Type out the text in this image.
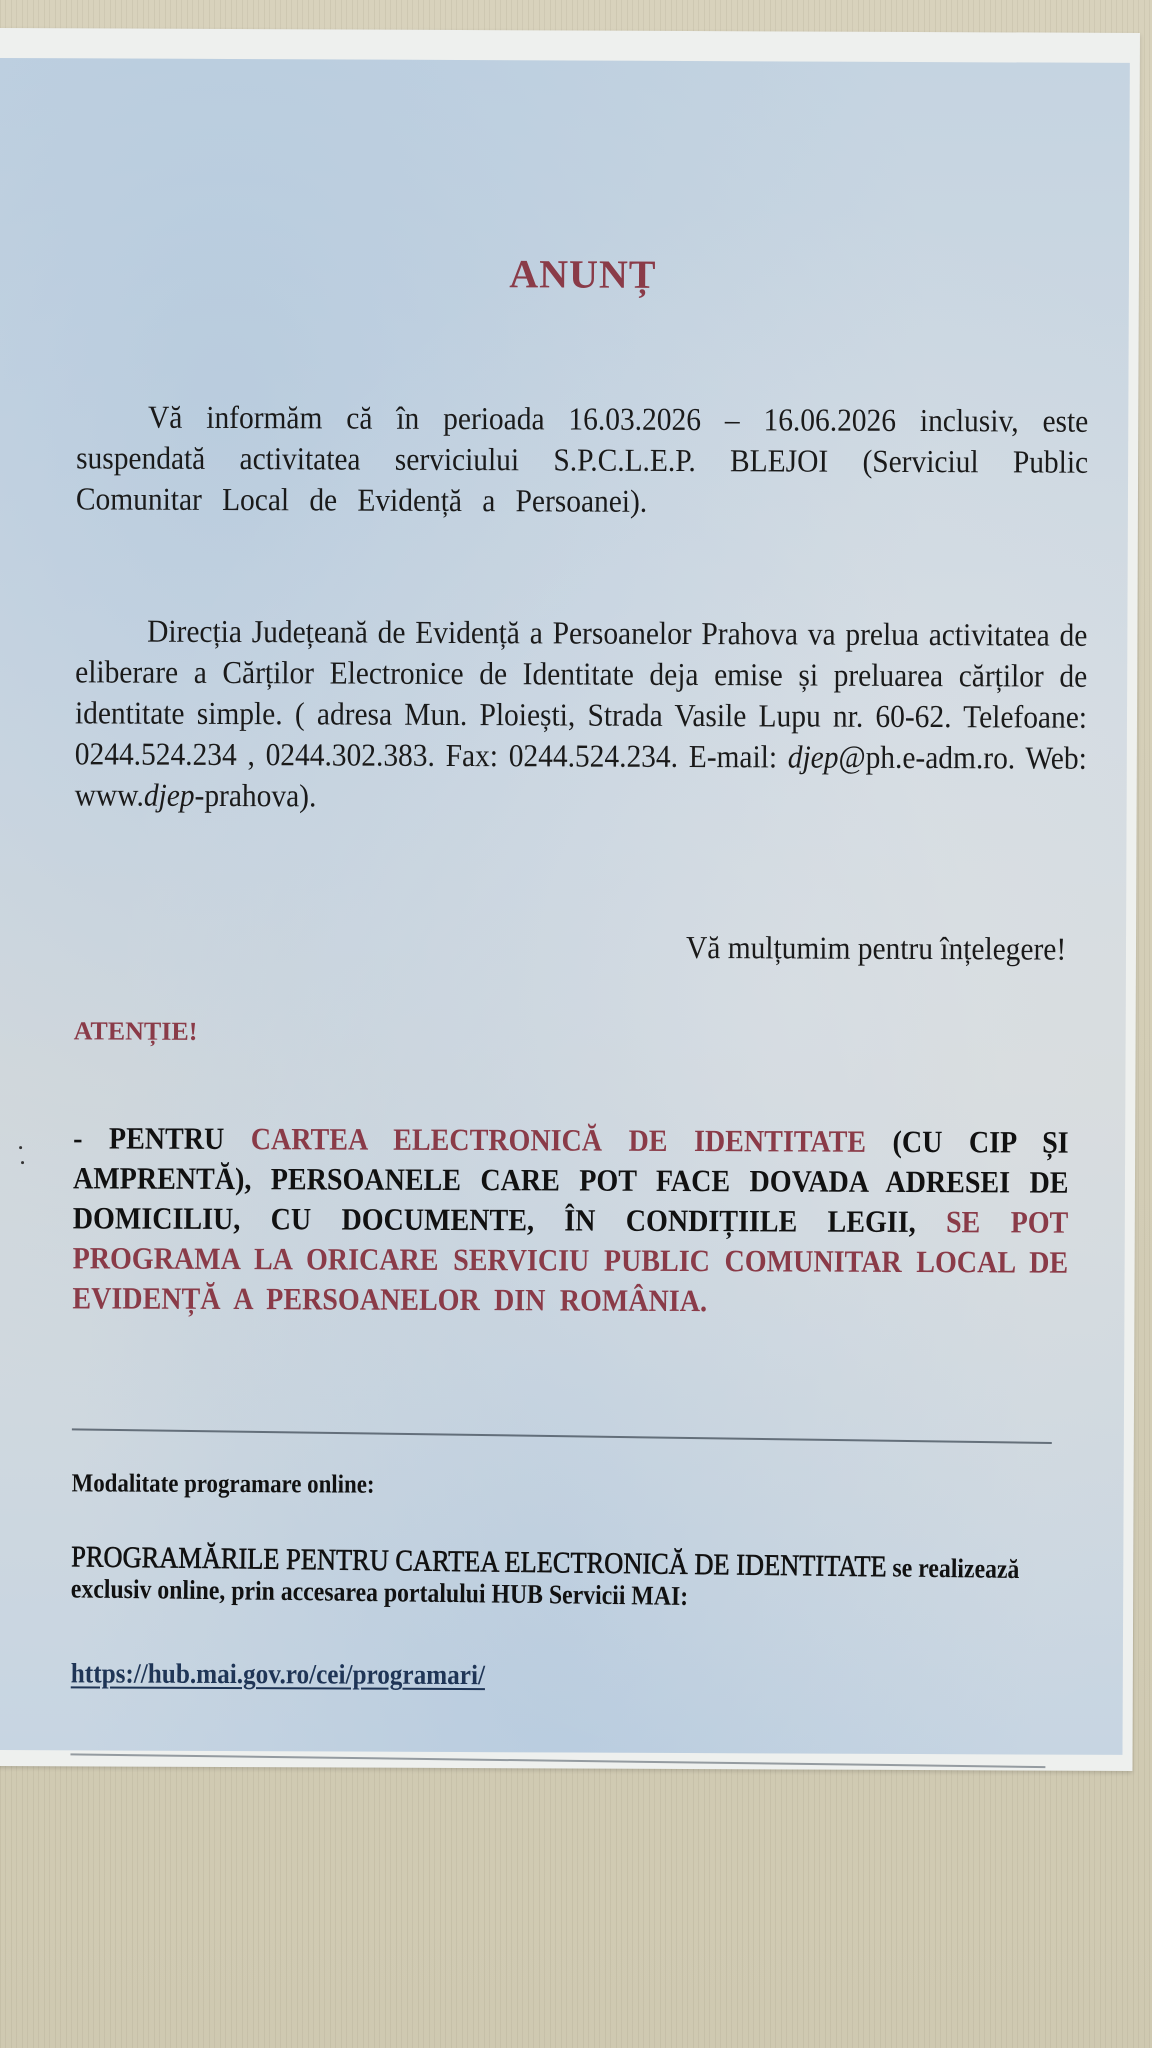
ANUNȚ
Vă informăm că în perioada 16.03.2026 – 16.06.2026 inclusiv, este suspendată activitatea serviciului S.P.C.L.E.P. BLEJOI (Serviciul Public Comunitar Local de Evidență a Persoanei).
Direcția Județeană de Evidență a Persoanelor Prahova va prelua activitatea de eliberare a Cărților Electronice de Identitate deja emise și preluarea cărților de identitate simple. ( adresa Mun. Ploiești, Strada Vasile Lupu nr. 60-62. Telefoane: 0244.524.234 , 0244.302.383. Fax: 0244.524.234. E-mail: djep@ph.e-adm.ro. Web: www.djep-prahova).
Vă mulțumim pentru înțelegere!
ATENȚIE!
- PENTRU CARTEA ELECTRONICĂ DE IDENTITATE (CU CIP ȘI AMPRENTĂ), PERSOANELE CARE POT FACE DOVADA ADRESEI DE DOMICILIU, CU DOCUMENTE, ÎN CONDIȚIILE LEGII, SE POT PROGRAMA LA ORICARE SERVICIU PUBLIC COMUNITAR LOCAL DE EVIDENȚĂ A PERSOANELOR DIN ROMÂNIA.
Modalitate programare online:
PROGRAMĂRILE PENTRU CARTEA ELECTRONICĂ DE IDENTITATE se realizează exclusiv online, prin accesarea portalului HUB Servicii MAI:
https://hub.mai.gov.ro/cei/programari/
